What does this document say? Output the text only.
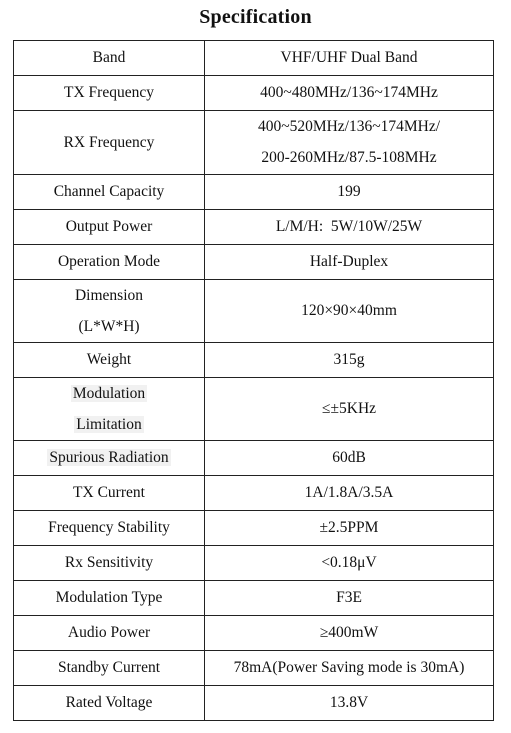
Specification
Band	VHF/UHF Dual Band

TX Frequency	400~480MHz/136~174MHz

RX Frequency	400~520MHz/136~174MHz/
200-260MHz/87.5-108MHz

Channel Capacity	199

Output Power	L/M/H:  5W/10W/25W

Operation Mode	Half-Duplex

Dimension
(L*W*H)	120×90×40mm

Weight	315g

Modulation
Limitation	≤±5KHz

Spurious Radiation	60dB

TX Current	1A/1.8A/3.5A

Frequency Stability	±2.5PPM

Rx Sensitivity	<0.18μV

Modulation Type	F3E

Audio Power	≥400mW

Standby Current	78mA(Power Saving mode is 30mA)

Rated Voltage	13.8V
